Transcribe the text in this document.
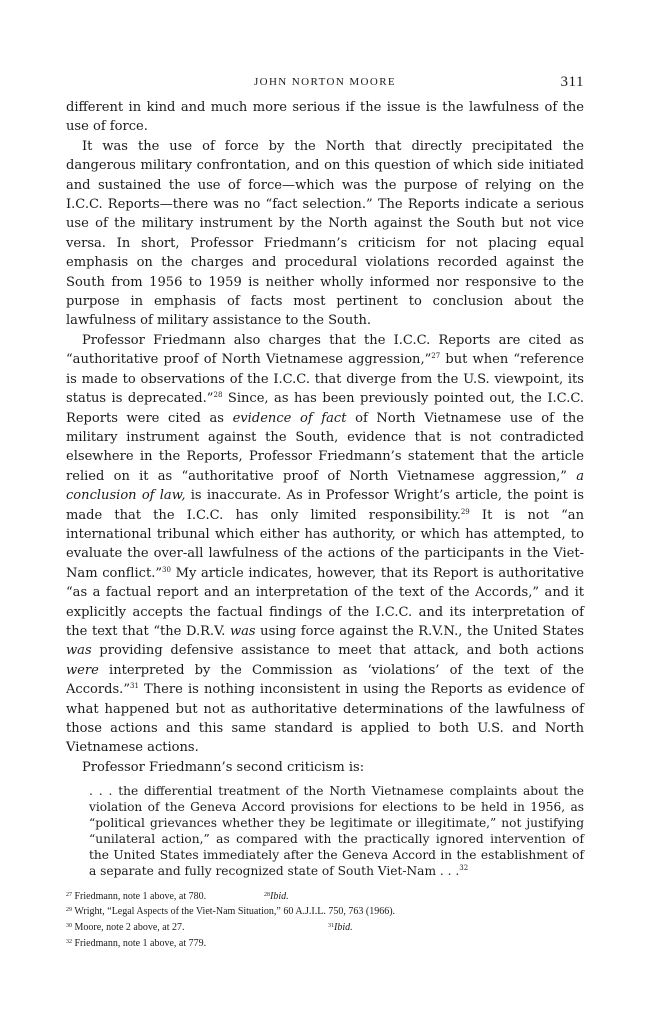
JOHN NORTON MOORE	311

different in kind and much more serious if the issue is the lawfulness of the use of force.

It was the use of force by the North that directly precipitated the dangerous military confrontation, and on this question of which side initiated and sustained the use of force—which was the purpose of relying on the I.C.C. Reports—there was no “fact selection.” The Reports indicate a serious use of the military instrument by the North against the South but not vice versa. In short, Professor Friedmann’s criticism for not placing equal emphasis on the charges and procedural violations recorded against the South from 1956 to 1959 is neither wholly informed nor responsive to the purpose in emphasis of facts most pertinent to conclusion about the lawfulness of military assistance to the South.

Professor Friedmann also charges that the I.C.C. Reports are cited as “authoritative proof of North Vietnamese aggression,”$^{27}$ but when “reference is made to observations of the I.C.C. that diverge from the U.S. viewpoint, its status is deprecated.”$^{28}$ Since, as has been previously pointed out, the I.C.C. Reports were cited as evidence of fact of North Vietnamese use of the military instrument against the South, evidence that is not contradicted elsewhere in the Reports, Professor Friedmann’s statement that the article relied on it as “authoritative proof of North Vietnamese aggression,” a conclusion of law, is inaccurate. As in Professor Wright’s article, the point is made that the I.C.C. has only limited responsibility.$^{29}$ It is not “an international tribunal which either has authority, or which has attempted, to evaluate the over-all lawfulness of the actions of the participants in the Viet-Nam conflict.”$^{30}$ My article indicates, however, that its Report is authoritative “as a factual report and an interpretation of the text of the Accords,” and it explicitly accepts the factual findings of the I.C.C. and its interpretation of the text that “the D.R.V. was using force against the R.V.N., the United States was providing defensive assistance to meet that attack, and both actions were interpreted by the Commission as ‘violations’ of the text of the Accords.”$^{31}$ There is nothing inconsistent in using the Reports as evidence of what happened but not as authoritative determinations of the lawfulness of those actions and this same standard is applied to both U.S. and North Vietnamese actions.

Professor Friedmann’s second criticism is:

. . . the differential treatment of the North Vietnamese complaints about the violation of the Geneva Accord provisions for elections to be held in 1956, as “political grievances whether they be legitimate or illegitimate,” not justifying “unilateral action,” as compared with the practically ignored intervention of the United States immediately after the Geneva Accord in the establishment of a separate and fully recognized state of South Viet-Nam . . .$^{32}$
$^{27}$ Friedmann, note 1 above, at 780.	$^{28}$Ibid.
$^{29}$ Wright, “Legal Aspects of the Viet-Nam Situation,” 60 A.J.I.L. 750, 763 (1966).
$^{30}$ Moore, note 2 above, at 27.	$^{31}$Ibid.
$^{32}$ Friedmann, note 1 above, at 779.
